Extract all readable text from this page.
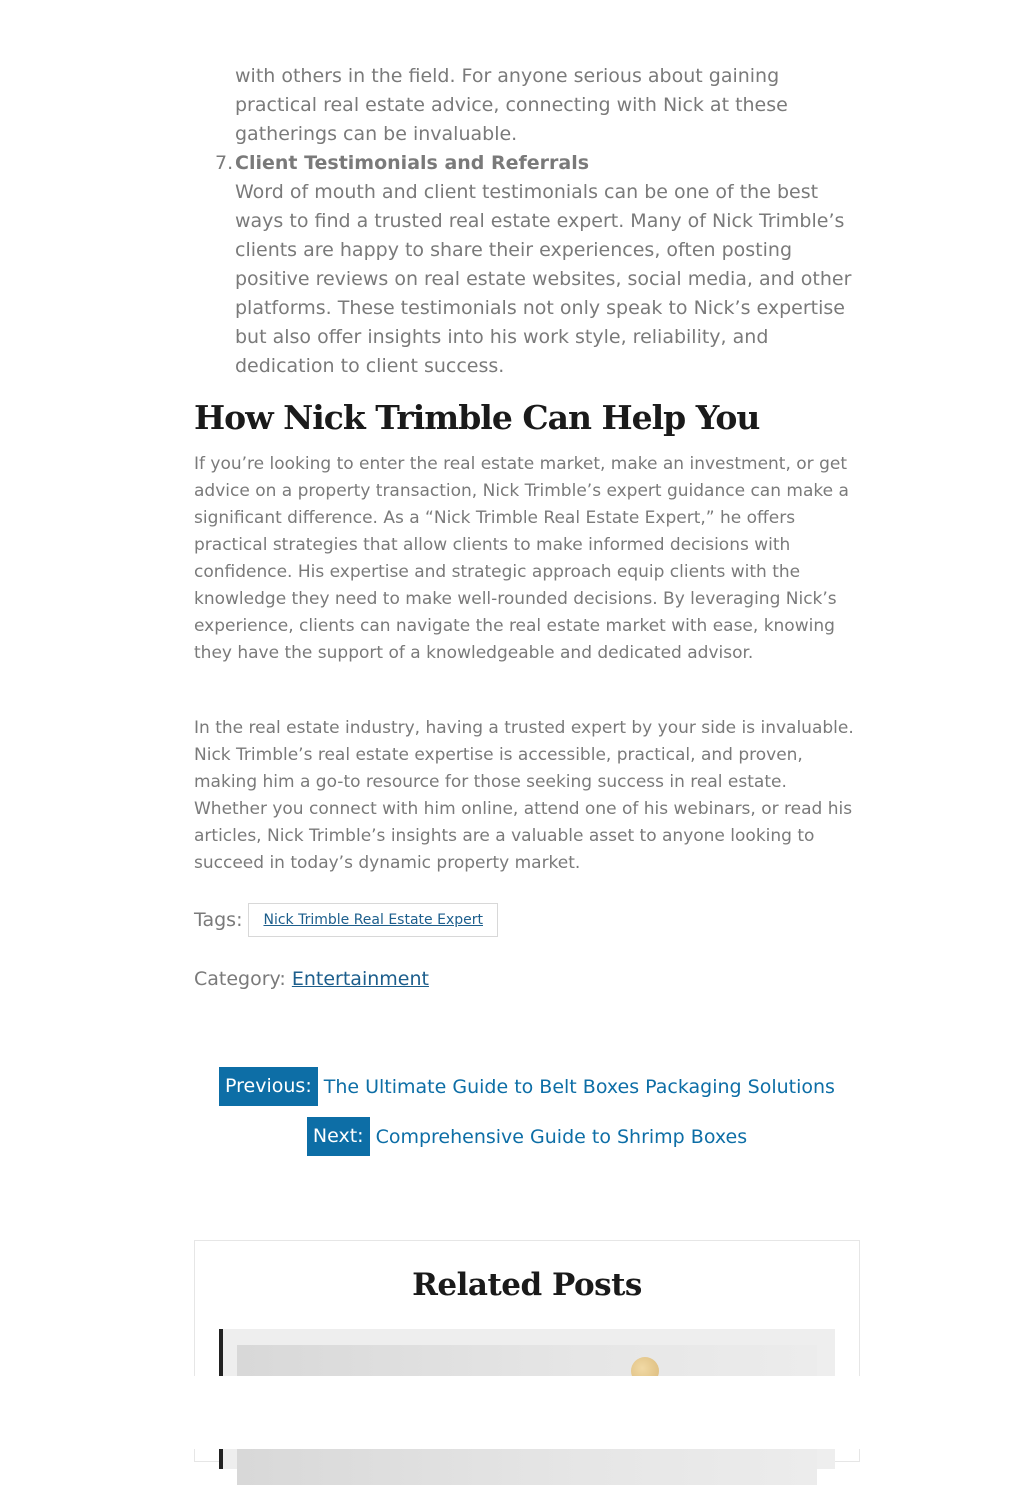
with others in the field. For anyone serious about gaining practical real estate advice, connecting with Nick at these gatherings can be invaluable.

7. Client Testimonials and Referrals

Word of mouth and client testimonials can be one of the best ways to find a trusted real estate expert. Many of Nick Trimble’s clients are happy to share their experiences, often posting positive reviews on real estate websites, social media, and other platforms. These testimonials not only speak to Nick’s expertise but also offer insights into his work style, reliability, and dedication to client success.

How Nick Trimble Can Help You

If you’re looking to enter the real estate market, make an investment, or get advice on a property transaction, Nick Trimble’s expert guidance can make a significant difference. As a “Nick Trimble Real Estate Expert,” he offers practical strategies that allow clients to make informed decisions with confidence. His expertise and strategic approach equip clients with the knowledge they need to make well-rounded decisions. By leveraging Nick’s experience, clients can navigate the real estate market with ease, knowing they have the support of a knowledgeable and dedicated advisor.

In the real estate industry, having a trusted expert by your side is invaluable. Nick Trimble’s real estate expertise is accessible, practical, and proven, making him a go-to resource for those seeking success in real estate. Whether you connect with him online, attend one of his webinars, or read his articles, Nick Trimble’s insights are a valuable asset to anyone looking to succeed in today’s dynamic property market.

Tags:	Nick Trimble Real Estate Expert
Category: Entertainment
Previous: The Ultimate Guide to Belt Boxes Packaging Solutions
Next: Comprehensive Guide to Shrimp Boxes
Related Posts
